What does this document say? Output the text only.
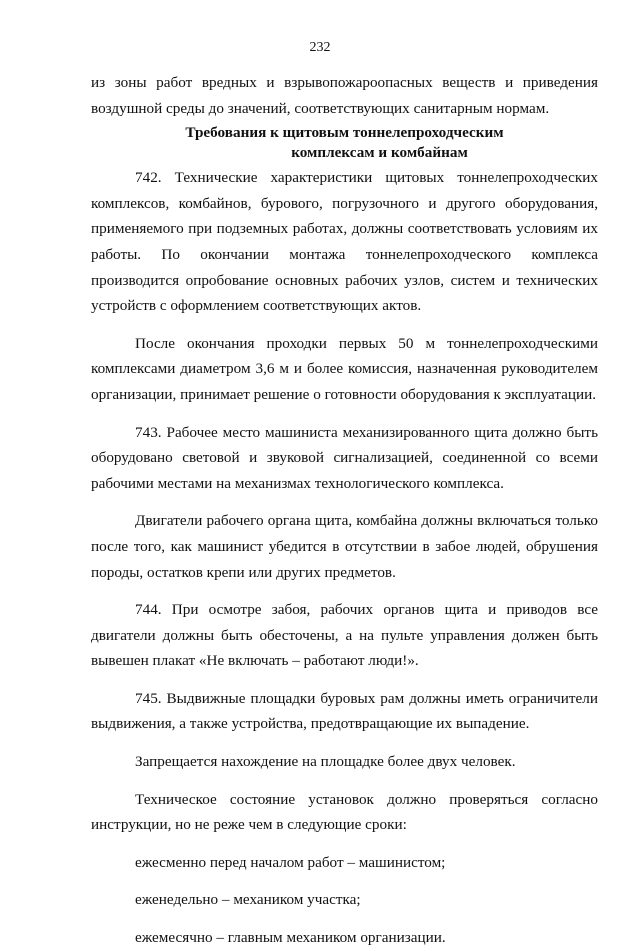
232

из зоны работ вредных и взрывопожароопасных веществ и приведения воздушной среды до значений, соответствующих санитарным нормам.

Требования к щитовым тоннелепроходческим
комплексам и комбайнам

742. Технические характеристики щитовых тоннелепроходческих комплексов, комбайнов, бурового, погрузочного и другого оборудования, применяемого при подземных работах, должны соответствовать условиям их работы. По окончании монтажа тоннелепроходческого комплекса производится опробование основных рабочих узлов, систем и технических устройств с оформлением соответствующих актов.

После окончания проходки первых 50 м тоннелепроходческими комплексами диаметром 3,6 м и более комиссия, назначенная руководителем организации, принимает решение о готовности оборудования к эксплуатации.

743. Рабочее место машиниста механизированного щита должно быть оборудовано световой и звуковой сигнализацией, соединенной со всеми рабочими местами на механизмах технологического комплекса.

Двигатели рабочего органа щита, комбайна должны включаться только после того, как машинист убедится в отсутствии в забое людей, обрушения породы, остатков крепи или других предметов.

744. При осмотре забоя, рабочих органов щита и приводов все двигатели должны быть обесточены, а на пульте управления должен быть вывешен плакат «Не включать – работают люди!».

745. Выдвижные площадки буровых рам должны иметь ограничители выдвижения, а также устройства, предотвращающие их выпадение.

Запрещается нахождение на площадке более двух человек.

Техническое состояние установок должно проверяться согласно инструкции, но не реже чем в следующие сроки:

ежесменно перед началом работ – машинистом;

еженедельно – механиком участка;

ежемесячно – главным механиком организации.
